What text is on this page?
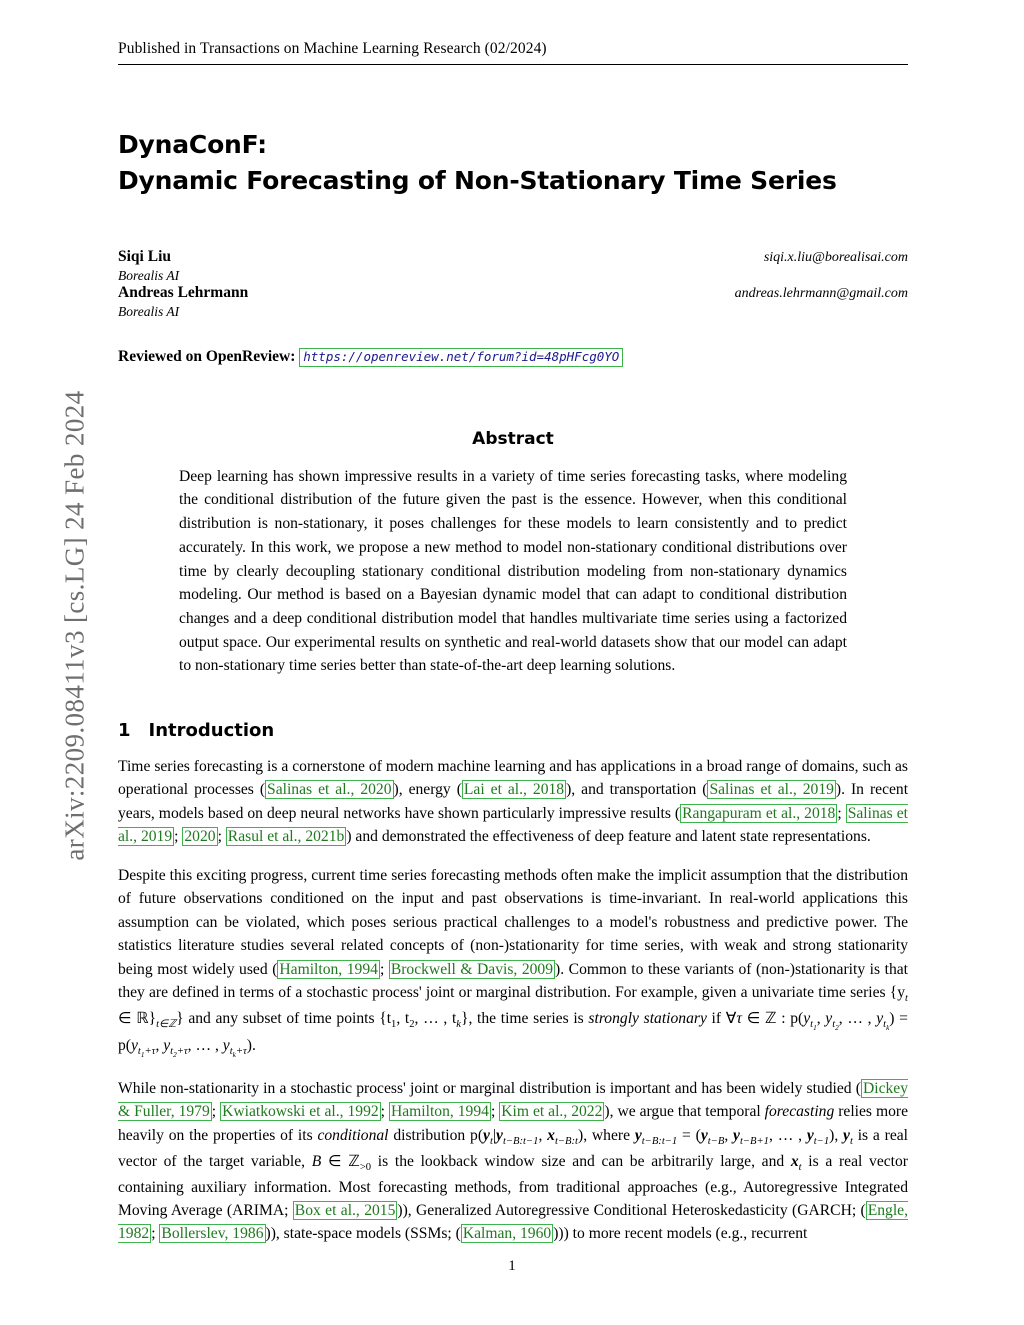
arXiv:2209.08411v3 [cs.LG] 24 Feb 2024
Published in Transactions on Machine Learning Research (02/2024)
DynaConF:
Dynamic Forecasting of Non-Stationary Time Series
Siqi Liu	siqi.x.liu@borealisai.com
Borealis AI
Andreas Lehrmann	andreas.lehrmann@gmail.com
Borealis AI
Reviewed on OpenReview: https://openreview.net/forum?id=48pHFcg0YO
Abstract
Deep learning has shown impressive results in a variety of time series forecasting tasks, where modeling the conditional distribution of the future given the past is the essence. However, when this conditional distribution is non-stationary, it poses challenges for these models to learn consistently and to predict accurately. In this work, we propose a new method to model non-stationary conditional distributions over time by clearly decoupling stationary conditional distribution modeling from non-stationary dynamics modeling. Our method is based on a Bayesian dynamic model that can adapt to conditional distribution changes and a deep conditional distribution model that handles multivariate time series using a factorized output space. Our experimental results on synthetic and real-world datasets show that our model can adapt to non-stationary time series better than state-of-the-art deep learning solutions.
1 Introduction

Time series forecasting is a cornerstone of modern machine learning and has applications in a broad range of domains, such as operational processes ( Salinas et al., 2020 ), energy ( Lai et al., 2018 ), and transportation ( Salinas et al., 2019 ). In recent years, models based on deep neural networks have shown particularly impressive results ( Rangapuram et al., 2018 ; Salinas et al., 2019 ; 2020 ; Rasul et al., 2021b ) and demonstrated the effectiveness of deep feature and latent state representations.

Despite this exciting progress, current time series forecasting methods often make the implicit assumption that the distribution of future observations conditioned on the input and past observations is time-invariant. In real-world applications this assumption can be violated, which poses serious practical challenges to a model's robustness and predictive power. The statistics literature studies several related concepts of (non-)stationarity for time series, with weak and strong stationarity being most widely used ( Hamilton, 1994 ; Brockwell & Davis, 2009 ). Common to these variants of (non-)stationarity is that they are defined in terms of a stochastic process' joint or marginal distribution. For example, given a univariate time series {$y_t$ ∈ $ℝ\}_{t\in ℤ}$} and any subset of time points {$t_1$, $t_2$, … , $t_k$}, the time series is strongly stationary if ∀τ ∈ ℤ : $p(y_{t_1}$, $y_{t_2}$, … , $y_{t_k}) = p(y_{t_1+\tau}$, $y_{t_2+\tau}$, … , $y_{t_k+\tau}$).

While non-stationarity in a stochastic process' joint or marginal distribution is important and has been widely studied ( Dickey & Fuller, 1979 ; Kwiatkowski et al., 1992 ; Hamilton, 1994 ; Kim et al., 2022 ), we argue that temporal forecasting relies more heavily on the properties of its conditional distribution $p(y_t|y_{t-B:t-1}$, $x_{t-B:t}$), where $y_{t-B:t-1} = (y_{t-B}$, $y_{t-B+1}$, … , $y_{t-1}$), $y_t$ is a real vector of the target variable, B ∈ ℤ$_{>0}$ is the lookback window size and can be arbitrarily large, and $x_t$ is a real vector containing auxiliary information. Most forecasting methods, from traditional approaches (e.g., Autoregressive Integrated Moving Average (ARIMA; Box et al., 2015 )), Generalized Autoregressive Conditional Heteroskedasticity (GARCH; ( Engle, 1982 ; Bollerslev, 1986 )), state-space models (SSMs; ( Kalman, 1960 ))) to more recent models (e.g., recurrent

1
